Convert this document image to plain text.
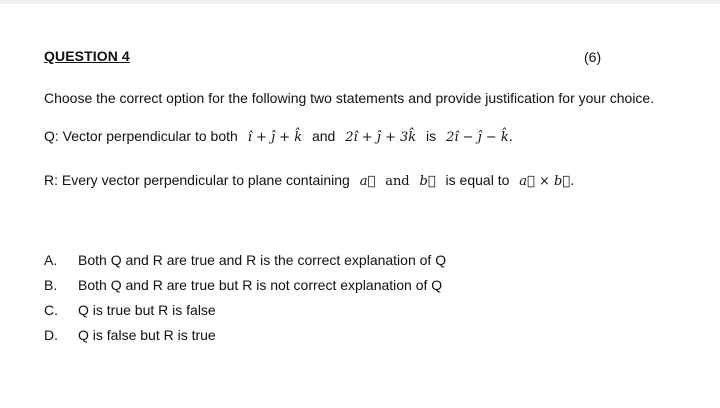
QUESTION 4	(6)
Choose the correct option for the following two statements and provide justification for your choice.
Q: Vector perpendicular to both î + ĵ + k̂ and 2î + ĵ + 3k̂ is 2î − ĵ − k̂.
R: Every vector perpendicular to plane containing a⃗ and b⃗ is equal to a⃗ × b⃗.
A. Both Q and R are true and R is the correct explanation of Q
B. Both Q and R are true but R is not correct explanation of Q
C. Q is true but R is false
D. Q is false but R is true
